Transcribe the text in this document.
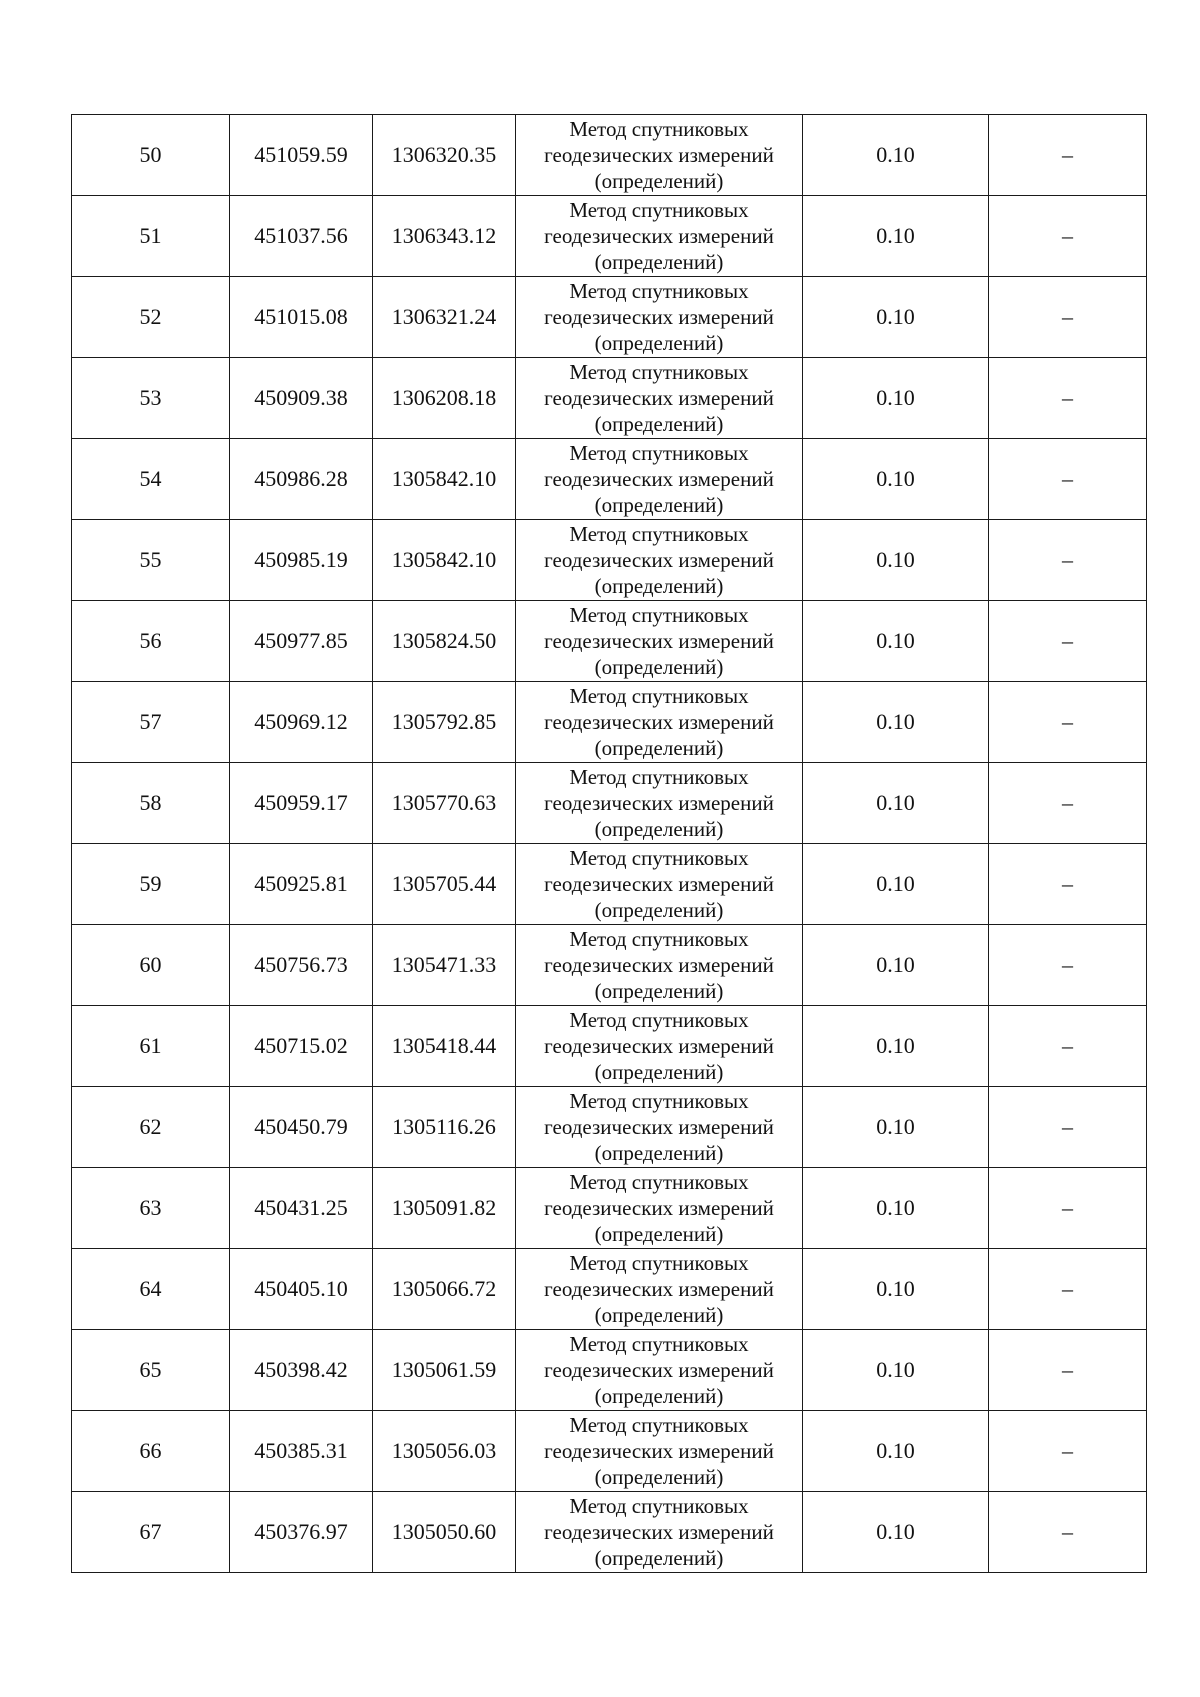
50	451059.59	1306320.35	Метод спутниковых
геодезических измерений
(определений)	0.10	–
51	451037.56	1306343.12	Метод спутниковых
геодезических измерений
(определений)	0.10	–
52	451015.08	1306321.24	Метод спутниковых
геодезических измерений
(определений)	0.10	–
53	450909.38	1306208.18	Метод спутниковых
геодезических измерений
(определений)	0.10	–
54	450986.28	1305842.10	Метод спутниковых
геодезических измерений
(определений)	0.10	–
55	450985.19	1305842.10	Метод спутниковых
геодезических измерений
(определений)	0.10	–
56	450977.85	1305824.50	Метод спутниковых
геодезических измерений
(определений)	0.10	–
57	450969.12	1305792.85	Метод спутниковых
геодезических измерений
(определений)	0.10	–
58	450959.17	1305770.63	Метод спутниковых
геодезических измерений
(определений)	0.10	–
59	450925.81	1305705.44	Метод спутниковых
геодезических измерений
(определений)	0.10	–
60	450756.73	1305471.33	Метод спутниковых
геодезических измерений
(определений)	0.10	–
61	450715.02	1305418.44	Метод спутниковых
геодезических измерений
(определений)	0.10	–
62	450450.79	1305116.26	Метод спутниковых
геодезических измерений
(определений)	0.10	–
63	450431.25	1305091.82	Метод спутниковых
геодезических измерений
(определений)	0.10	–
64	450405.10	1305066.72	Метод спутниковых
геодезических измерений
(определений)	0.10	–
65	450398.42	1305061.59	Метод спутниковых
геодезических измерений
(определений)	0.10	–
66	450385.31	1305056.03	Метод спутниковых
геодезических измерений
(определений)	0.10	–
67	450376.97	1305050.60	Метод спутниковых
геодезических измерений
(определений)	0.10	–
